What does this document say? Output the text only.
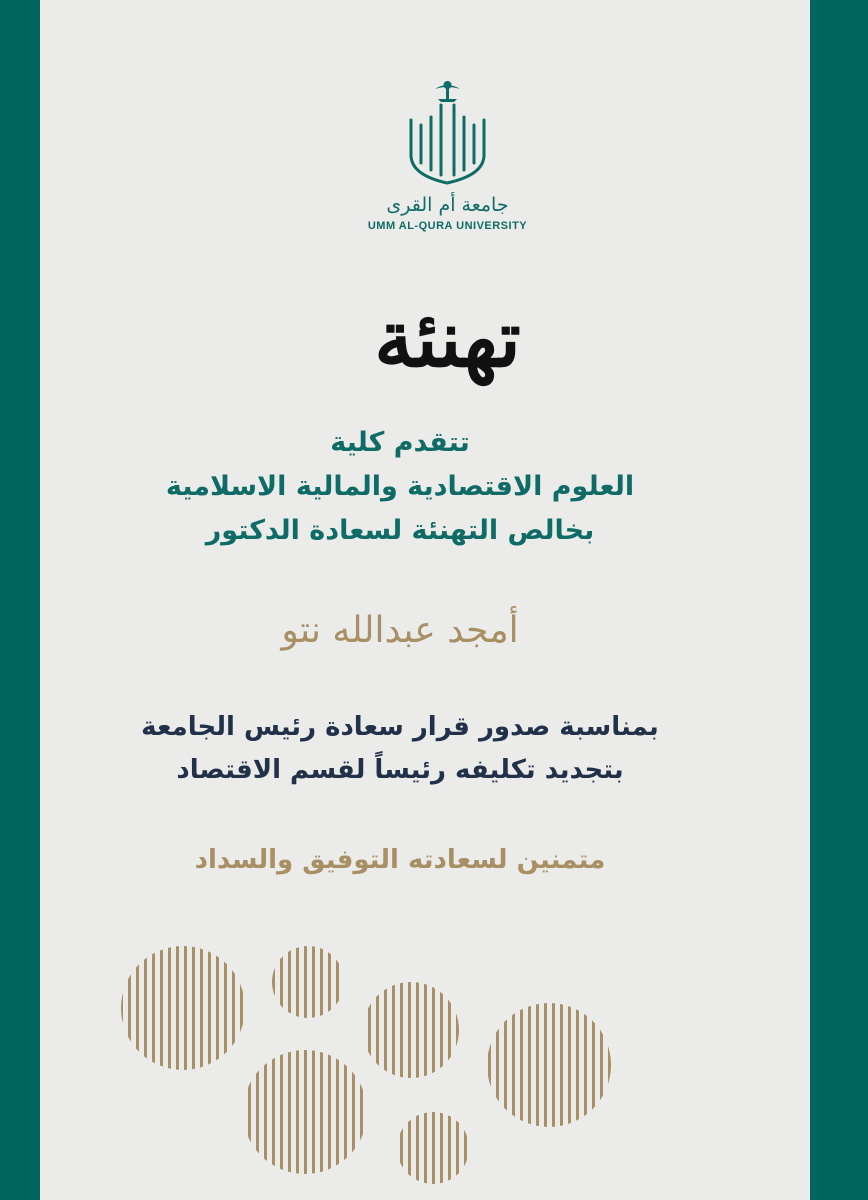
جامعة أم القرى
UMM AL-QURA UNIVERSITY
تهنئة
تتقدم كلية
العلوم الاقتصادية والمالية الاسلامية
بخالص التهنئة لسعادة الدكتور
أمجد عبدالله نتو
بمناسبة صدور قرار سعادة رئيس الجامعة
بتجديد تكليفه رئيساً لقسم الاقتصاد
متمنين لسعادته التوفيق والسداد
